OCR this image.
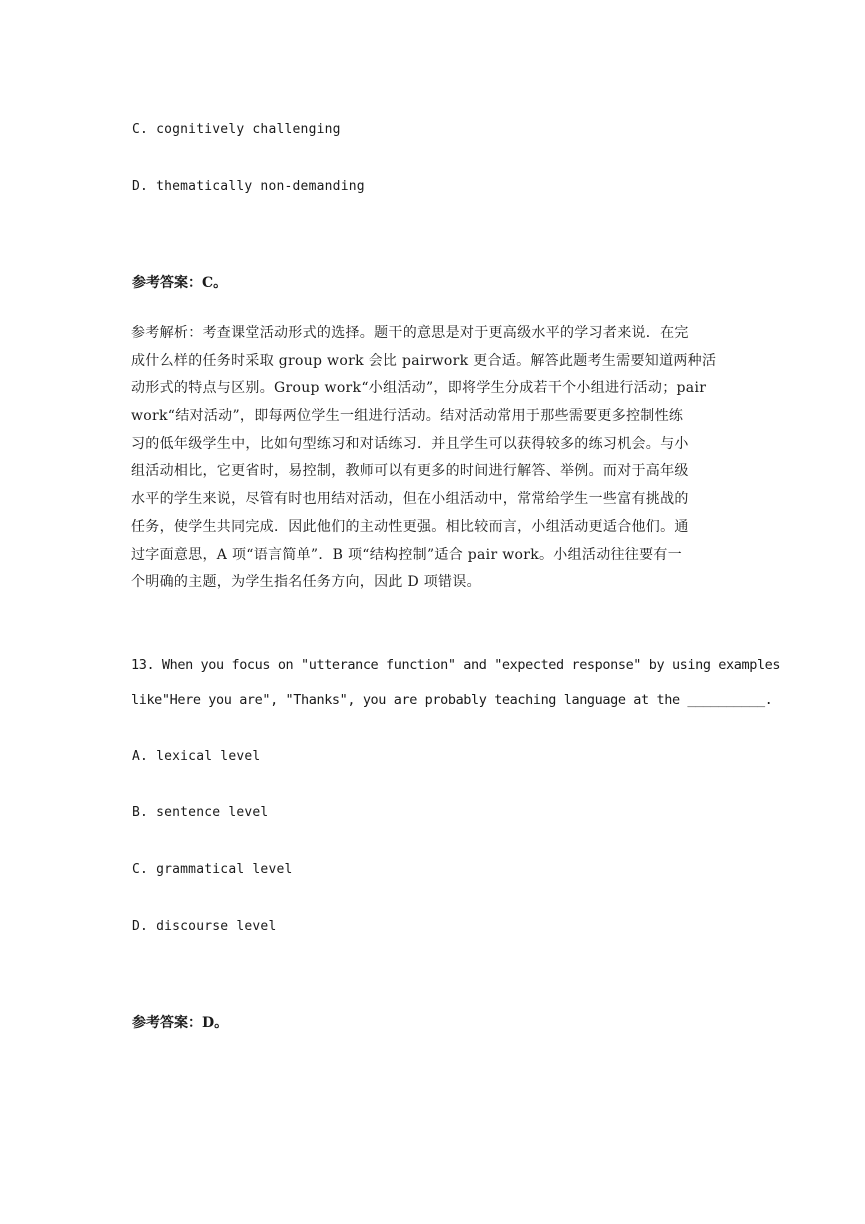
C. cognitively challenging
D. thematically non-demanding
参考答案：C。
参考解析：考查课堂活动形式的选择。题干的意思是对于更高级水平的学习者来说．在完
成什么样的任务时采取 group work 会比 pairwork 更合适。解答此题考生需要知道两种活
动形式的特点与区别。Group work“小组活动”，即将学生分成若干个小组进行活动；pair
work“结对活动”，即每两位学生一组进行活动。结对活动常用于那些需要更多控制性练
习的低年级学生中，比如句型练习和对话练习．并且学生可以获得较多的练习机会。与小
组活动相比，它更省时，易控制，教师可以有更多的时间进行解答、举例。而对于高年级
水平的学生来说，尽管有时也用结对活动，但在小组活动中，常常给学生一些富有挑战的
任务，使学生共同完成．因此他们的主动性更强。相比较而言，小组活动更适合他们。通
过字面意思，A 项“语言简单”．B 项“结构控制”适合 pair work。小组活动往往要有一
个明确的主题，为学生指名任务方向，因此 D 项错误。
13. When you focus on "utterance function" and "expected response" by using examples
like"Here you are", "Thanks", you are probably teaching language at the __________.
A. lexical level
B. sentence level
C. grammatical level
D. discourse level
参考答案：D。
